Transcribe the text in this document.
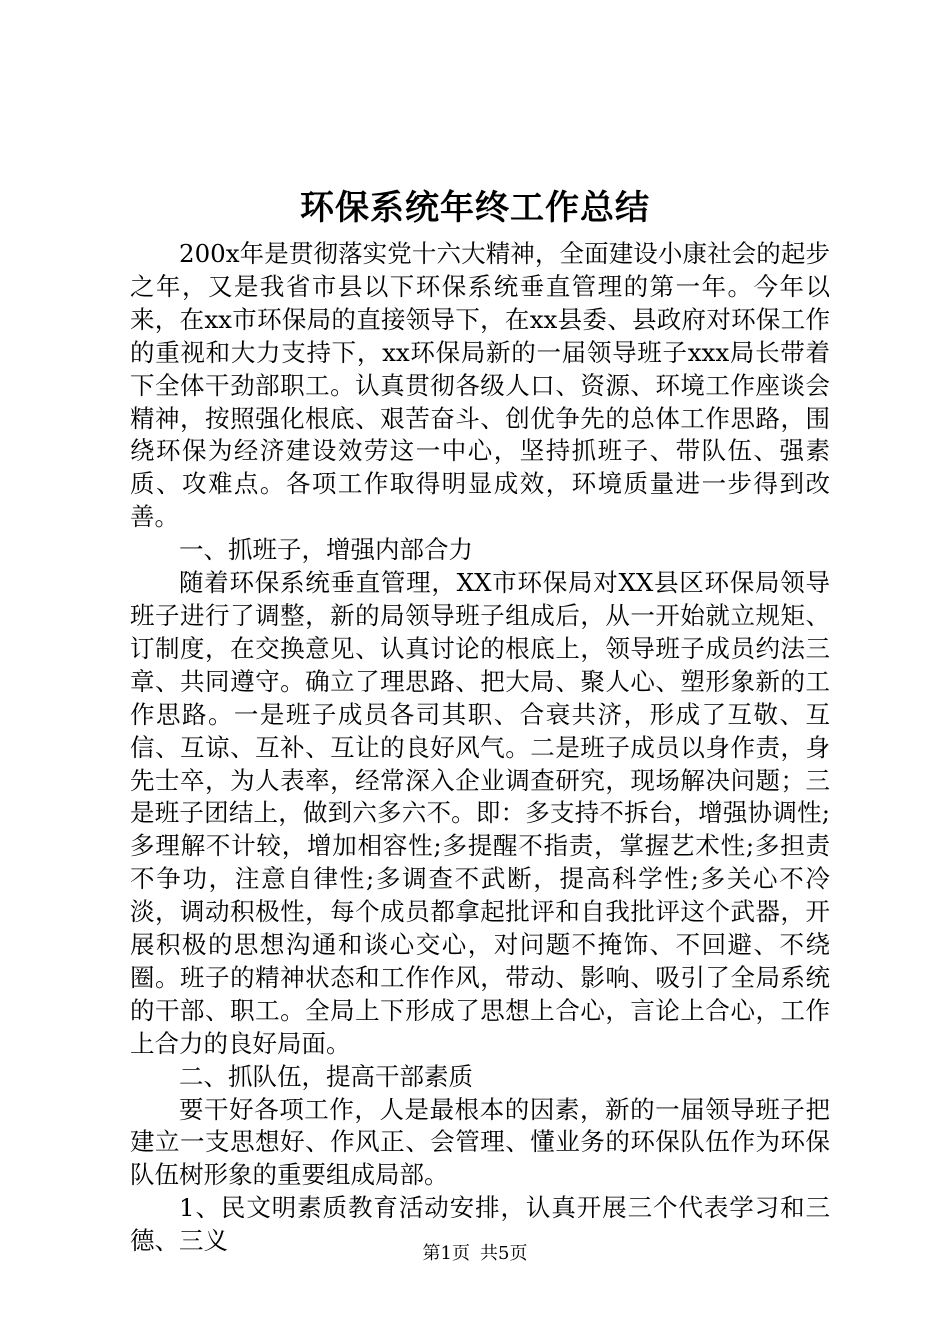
环保系统年终工作总结

200x年是贯彻落实党十六大精神，全面建设小康社会的起步之年，又是我省市县以下环保系统垂直管理的第一年。今年以来，在xx市环保局的直接领导下，在xx县委、县政府对环保工作的重视和大力支持下，xx环保局新的一届领导班子xxx局长带着下全体干劲部职工。认真贯彻各级人口、资源、环境工作座谈会精神，按照强化根底、艰苦奋斗、创优争先的总体工作思路，围绕环保为经济建设效劳这一中心，坚持抓班子、带队伍、强素质、攻难点。各项工作取得明显成效，环境质量进一步得到改善。

一、抓班子，增强内部合力

随着环保系统垂直管理，XX市环保局对XX县区环保局领导班子进行了调整，新的局领导班子组成后，从一开始就立规矩、订制度，在交换意见、认真讨论的根底上，领导班子成员约法三章、共同遵守。确立了理思路、把大局、聚人心、塑形象新的工作思路。一是班子成员各司其职、合衰共济，形成了互敬、互信、互谅、互补、互让的良好风气。二是班子成员以身作责，身先士卒，为人表率，经常深入企业调查研究，现场解决问题；三是班子团结上，做到六多六不。即：多支持不拆台，增强协调性;多理解不计较，增加相容性;多提醒不指责，掌握艺术性;多担责不争功，注意自律性;多调查不武断，提高科学性;多关心不冷淡，调动积极性，每个成员都拿起批评和自我批评这个武器，开展积极的思想沟通和谈心交心，对问题不掩饰、不回避、不绕圈。班子的精神状态和工作作风，带动、影响、吸引了全局系统的干部、职工。全局上下形成了思想上合心，言论上合心，工作上合力的良好局面。

二、抓队伍，提高干部素质

要干好各项工作，人是最根本的因素，新的一届领导班子把建立一支思想好、作风正、会管理、懂业务的环保队伍作为环保队伍树形象的重要组成局部。

1、民文明素质教育活动安排，认真开展三个代表学习和三德、三义	第1页 共5页
